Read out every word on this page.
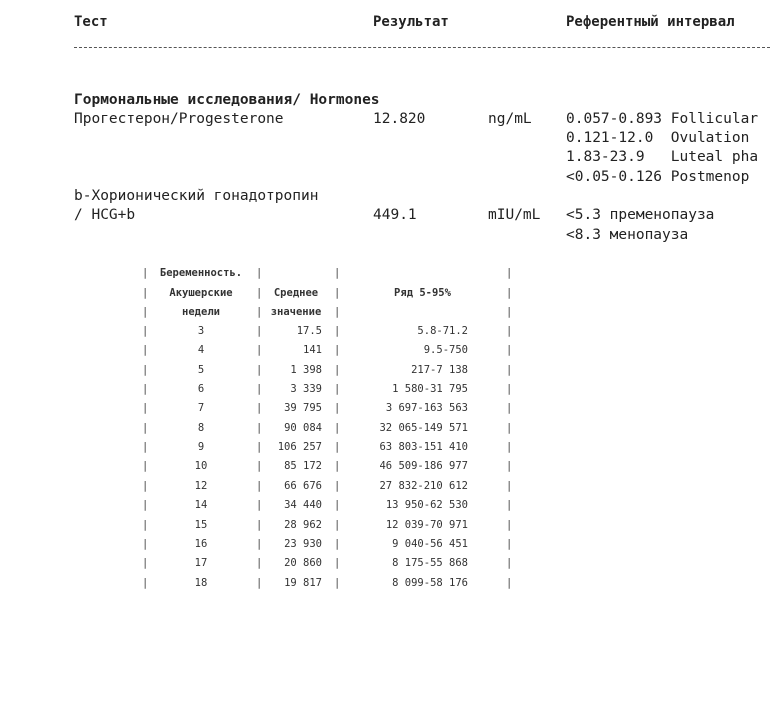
Тест	Результат	Референтный интервал
Гормональные исследования/ Hormones
Прогестерон/Progesterone	12.820	ng/mL 0.057-0.893 Follicular
0.121-12.0  Ovulation
1.83-23.9   Luteal pha
<0.05-0.126 Postmenop
b-Хорионический гонадотропин
/ HCG+b	449.1	mIU/mL <5.3 пременопауза
<8.3 менопауза
|	Беременность.	|	|	|
|	Акушерские	|	Среднее	|	Ряд 5-95%	|
|	недели	| значение	|	|
|	3	|	17.5 |	5.8-71.2	|
|	4	|	141 |	9.5-750	|
|	5	|	1 398 |	217-7 138	|
|	6	|	3 339 |	1 580-31 795	|
|	7	|	39 795 |	3 697-163 563	|
|	8	|	90 084 |	32 065-149 571	|
|	9	|	106 257 |	63 803-151 410	|
|	10	|	85 172 |	46 509-186 977	|
|	12	|	66 676 |	27 832-210 612	|
|	14	|	34 440 |	13 950-62 530	|
|	15	|	28 962 |	12 039-70 971	|
|	16	|	23 930 |	9 040-56 451	|
|	17	|	20 860 |	8 175-55 868	|
|	18	|	19 817 |	8 099-58 176	|
